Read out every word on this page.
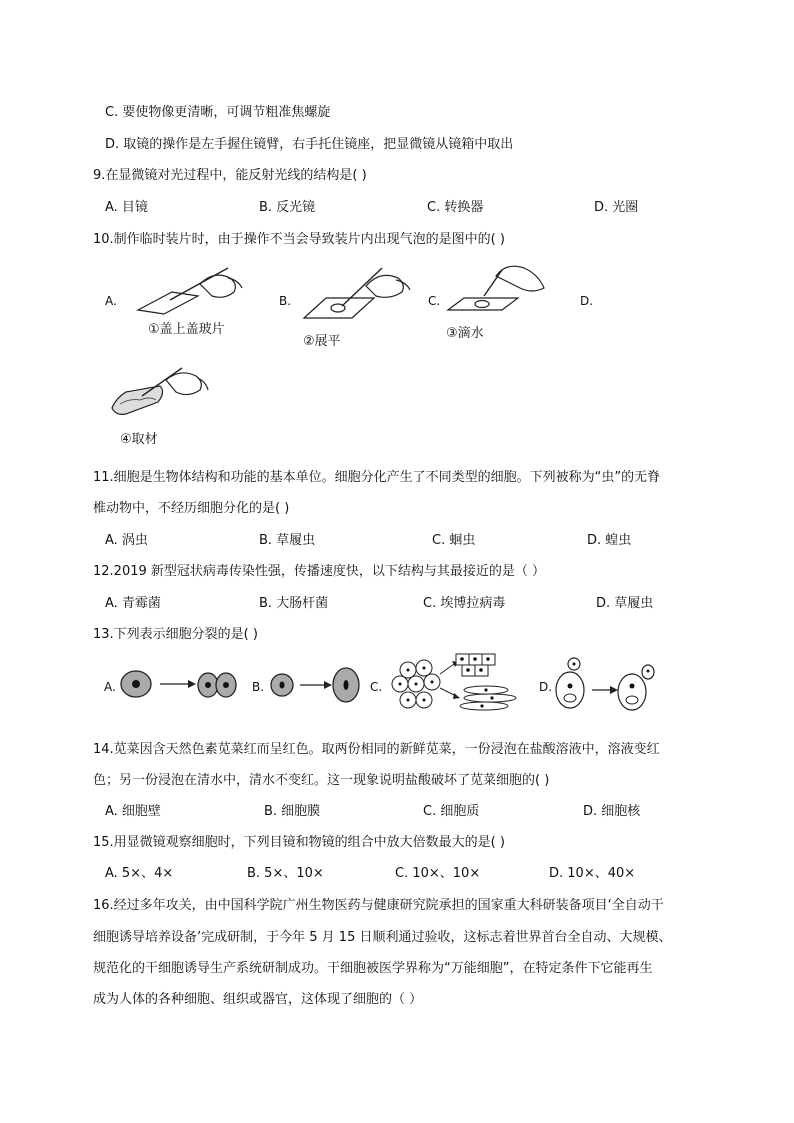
C. 要使物像更清晰，可调节粗准焦螺旋
D. 取镜的操作是左手握住镜臂，右手托住镜座，把显微镜从镜箱中取出
9.在显微镜对光过程中，能反射光线的结构是( )
A. 目镜	B. 反光镜	C. 转换器	D. 光圈
10.制作临时装片时，由于操作不当会导致装片内出现气泡的是图中的( )
A.
①盖上盖玻片
B.
②展平
C.
③滴水
D.
④取材
11.细胞是生物体结构和功能的基本单位。细胞分化产生了不同类型的细胞。下列被称为“虫”的无脊
椎动物中，不经历细胞分化的是( )
A. 涡虫	B. 草履虫	C. 蛔虫	D. 蝗虫
12.2019 新型冠状病毒传染性强，传播速度快，以下结构与其最接近的是（ ）
A. 青霉菌	B. 大肠杆菌	C. 埃博拉病毒	D. 草履虫
13.下列表示细胞分裂的是( )
A.	B.	C.	D.
14.苋菜因含天然色素苋菜红而呈红色。取两份相同的新鲜苋菜，一份浸泡在盐酸溶液中，溶液变红
色；另一份浸泡在清水中，清水不变红。这一现象说明盐酸破坏了苋菜细胞的( )
A. 细胞壁	B. 细胞膜	C. 细胞质	D. 细胞核
15.用显微镜观察细胞时，下列目镜和物镜的组合中放大倍数最大的是( )
A. 5×、4×	B. 5×、10×	C. 10×、10×	D. 10×、40×
16.经过多年攻关，由中国科学院广州生物医药与健康研究院承担的国家重大科研装备项目‘全自动干
细胞诱导培养设备’完成研制，于今年 5 月 15 日顺利通过验收，这标志着世界首台全自动、大规模、
规范化的干细胞诱导生产系统研制成功。干细胞被医学界称为“万能细胞”，在特定条件下它能再生
成为人体的各种细胞、组织或器官，这体现了细胞的（ ）
